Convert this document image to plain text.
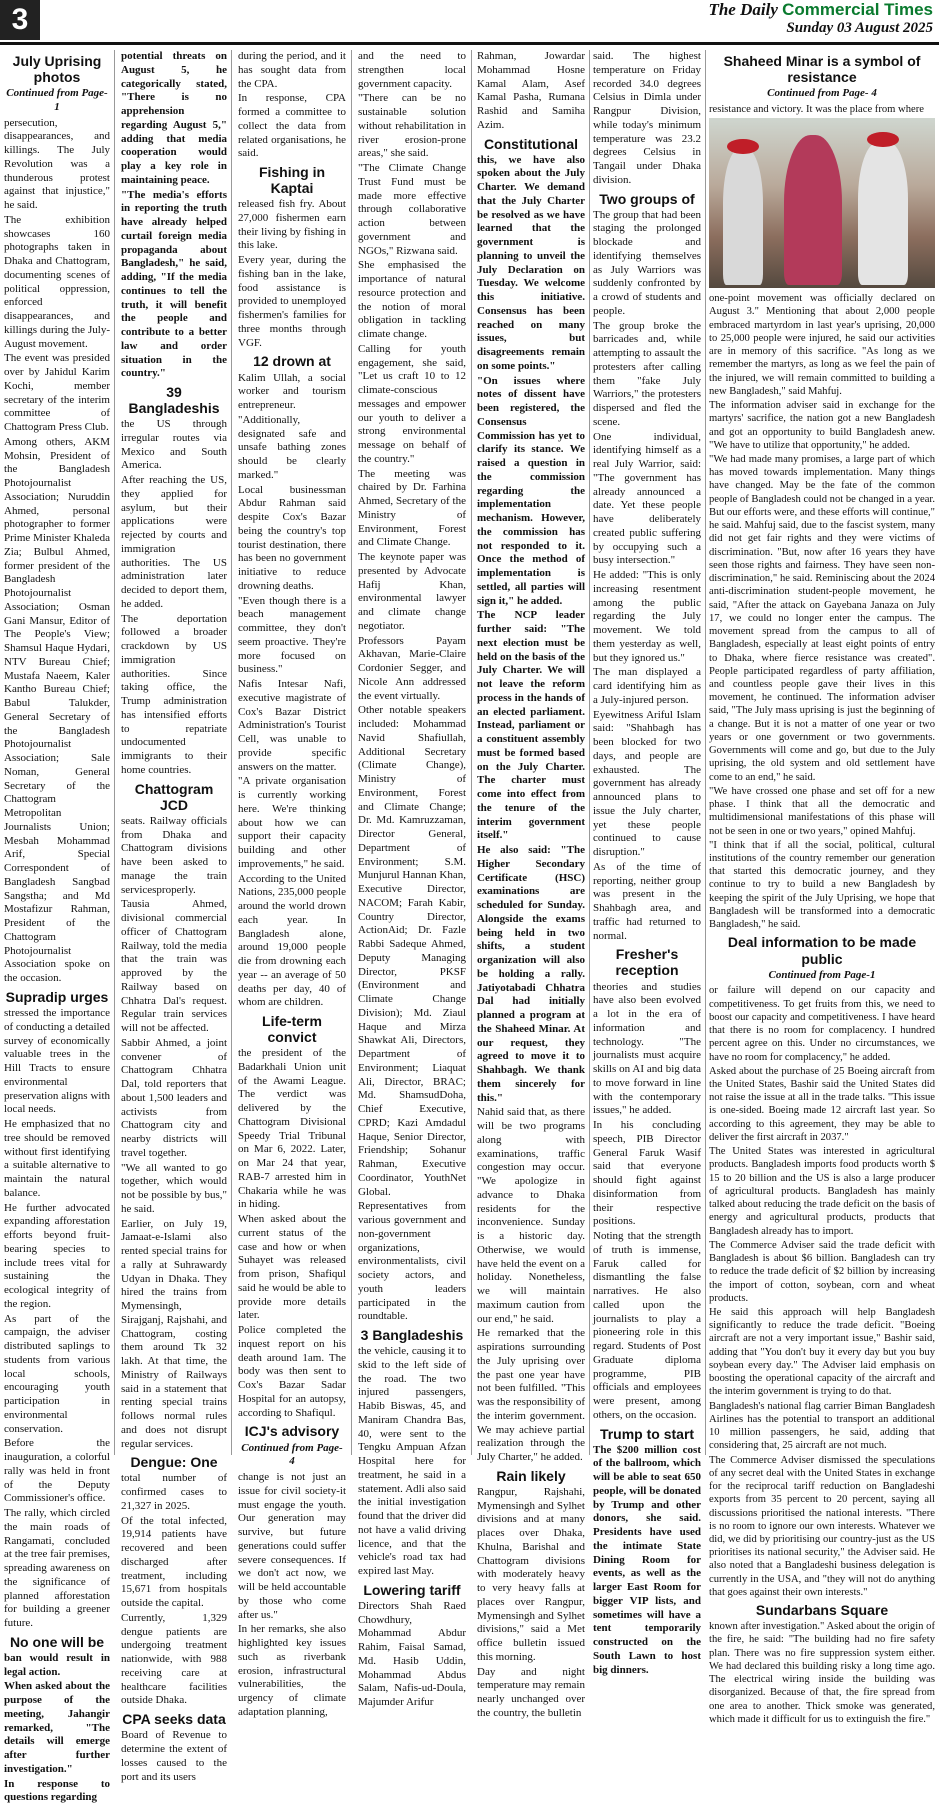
3	The Daily Commercial Times
Sunday 03 August 2025
July Uprising photos

Continued from Page-1

persecution, disappearances, and killings. The July Revolution was a thunderous protest against that injustice," he said.

The exhibition showcases 160 photographs taken in Dhaka and Chattogram, documenting scenes of political oppression, enforced disappearances, and killings during the July-August movement.

The event was presided over by Jahidul Karim Kochi, member secretary of the interim committee of Chattogram Press Club.

Among others, AKM Mohsin, President of the Bangladesh Photojournalist Association; Nuruddin Ahmed, personal photographer to former Prime Minister Khaleda Zia; Bulbul Ahmed, former president of the Bangladesh Photojournalist Association; Osman Gani Mansur, Editor of The People's View; Shamsul Haque Hydari, NTV Bureau Chief; Mustafa Naeem, Kaler Kantho Bureau Chief; Babul Talukder, General Secretary of the Bangladesh Photojournalist Association; Sale Noman, General Secretary of the Chattogram Metropolitan Journalists Union; Mesbah Mohammad Arif, Special Correspondent of Bangladesh Sangbad Sangstha; and Md Mostafizur Rahman, President of the Chattogram Photojournalist Association spoke on the occasion.

Supradip urges

stressed the importance of conducting a detailed survey of economically valuable trees in the Hill Tracts to ensure environmental preservation aligns with local needs.

He emphasized that no tree should be removed without first identifying a suitable alternative to maintain the natural balance.

He further advocated expanding afforestation efforts beyond fruit-bearing species to include trees vital for sustaining the ecological integrity of the region.

As part of the campaign, the adviser distributed saplings to students from various local schools, encouraging youth participation in environmental conservation.

Before the inauguration, a colorful rally was held in front of the Deputy Commissioner's office.

The rally, which circled the main roads of Rangamati, concluded at the tree fair premises, spreading awareness on the significance of planned afforestation for building a greener future.

No one will be

ban would result in legal action.

When asked about the purpose of the meeting, Jahangir remarked, "The details will emerge after further investigation."

In response to questions regarding

potential threats on August 5, he categorically stated, "There is no apprehension regarding August 5," adding that media cooperation would play a key role in maintaining peace.

"The media's efforts in reporting the truth have already helped curtail foreign media propaganda about Bangladesh," he said, adding, "If the media continues to tell the truth, it will benefit the people and contribute to a better law and order situation in the country."

39 Bangladeshis

the US through irregular routes via Mexico and South America.

After reaching the US, they applied for asylum, but their applications were rejected by courts and immigration authorities. The US administration later decided to deport them, he added.

The deportation followed a broader crackdown by US immigration authorities. Since taking office, the Trump administration has intensified efforts to repatriate undocumented immigrants to their home countries.

Chattogram JCD

seats. Railway officials from Dhaka and Chattogram divisions have been asked to manage the train servicesproperly.

Tausia Ahmed, divisional commercial officer of Chattogram Railway, told the media that the train was approved by the Railway based on Chhatra Dal's request. Regular train services will not be affected.

Sabbir Ahmed, a joint convener of Chattogram Chhatra Dal, told reporters that about 1,500 leaders and activists from Chattogram city and nearby districts will travel together.

"We all wanted to go together, which would not be possible by bus," he said.

Earlier, on July 19, Jamaat-e-Islami also rented special trains for a rally at Suhrawardy Udyan in Dhaka. They hired the trains from Mymensingh, Sirajganj, Rajshahi, and Chattogram, costing them around Tk 32 lakh. At that time, the Ministry of Railways said in a statement that renting special trains follows normal rules and does not disrupt regular services.

Dengue: One

total number of confirmed cases to 21,327 in 2025.

Of the total infected, 19,914 patients have recovered and been discharged after treatment, including 15,671 from hospitals outside the capital.

Currently, 1,329 dengue patients are undergoing treatment nationwide, with 988 receiving care at healthcare facilities outside Dhaka.

CPA seeks data

Board of Revenue to determine the extent of losses caused to the port and its users

during the period, and it has sought data from the CPA.

In response, CPA formed a committee to collect the data from related organisations, he said.

Fishing in Kaptai

released fish fry. About 27,000 fishermen earn their living by fishing in this lake.

Every year, during the fishing ban in the lake, food assistance is provided to unemployed fishermen's families for three months through VGF.

12 drown at

Kalim Ullah, a social worker and tourism entrepreneur.

"Additionally, designated safe and unsafe bathing zones should be clearly marked."

Local businessman Abdur Rahman said despite Cox's Bazar being the country's top tourist destination, there has been no government initiative to reduce drowning deaths.

"Even though there is a beach management committee, they don't seem proactive. They're more focused on business."

Nafis Intesar Nafi, executive magistrate of Cox's Bazar District Administration's Tourist Cell, was unable to provide specific answers on the matter.

"A private organisation is currently working here. We're thinking about how we can support their capacity building and other improvements," he said.

According to the United Nations, 235,000 people around the world drown each year. In Bangladesh alone, around 19,000 people die from drowning each year -- an average of 50 deaths per day, 40 of whom are children.

Life-term convict

the president of the Badarkhali Union unit of the Awami League. The verdict was delivered by the Chattogram Divisional Speedy Trial Tribunal on Mar 6, 2022. Later, on Mar 24 that year, RAB-7 arrested him in Chakaria while he was in hiding.

When asked about the current status of the case and how or when Suhayet was released from prison, Shafiqul said he would be able to provide more details later.

Police completed the inquest report on his death around 1am. The body was then sent to Cox's Bazar Sadar Hospital for an autopsy, according to Shafiqul.

ICJ's advisory

Continued from Page- 4

change is not just an issue for civil society-it must engage the youth. Our generation may survive, but future generations could suffer severe consequences. If we don't act now, we will be held accountable by those who come after us."

In her remarks, she also highlighted key issues such as riverbank erosion, infrastructural vulnerabilities, the urgency of climate adaptation planning,

and the need to strengthen local government capacity.

"There can be no sustainable solution without rehabilitation in river erosion-prone areas," she said.

"The Climate Change Trust Fund must be made more effective through collaborative action between government and NGOs," Rizwana said.

She emphasised the importance of natural resource protection and the notion of moral obligation in tackling climate change.

Calling for youth engagement, she said, "Let us craft 10 to 12 climate-conscious messages and empower our youth to deliver a strong environmental message on behalf of the country."

The meeting was chaired by Dr. Farhina Ahmed, Secretary of the Ministry of Environment, Forest and Climate Change.

The keynote paper was presented by Advocate Hafij Khan, environmental lawyer and climate change negotiator.

Professors Payam Akhavan, Marie-Claire Cordonier Segger, and Nicole Ann addressed the event virtually.

Other notable speakers included: Mohammad Navid Shafiullah, Additional Secretary (Climate Change), Ministry of Environment, Forest and Climate Change; Dr. Md. Kamruzzaman, Director General, Department of Environment; S.M. Munjurul Hannan Khan, Executive Director, NACOM; Farah Kabir, Country Director, ActionAid; Dr. Fazle Rabbi Sadeque Ahmed, Deputy Managing Director, PKSF (Environment and Climate Change Division); Md. Ziaul Haque and Mirza Shawkat Ali, Directors, Department of Environment; Liaquat Ali, Director, BRAC; Md. ShamsudDoha, Chief Executive, CPRD; Kazi Amdadul Haque, Senior Director, Friendship; Sohanur Rahman, Executive Coordinator, YouthNet Global.

Representatives from various government and non-government organizations, environmentalists, civil society actors, and youth leaders participated in the roundtable.

3 Bangladeshis

the vehicle, causing it to skid to the left side of the road. The two injured passengers, Habib Biswas, 45, and Maniram Chandra Bas, 40, were sent to the Tengku Ampuan Afzan Hospital here for treatment, he said in a statement. Adli also said the initial investigation found that the driver did not have a valid driving licence, and that the vehicle's road tax had expired last May.

Lowering tariff

Directors Shah Raed Chowdhury, Mohammad Abdur Rahim, Faisal Samad, Md. Hasib Uddin, Mohammad Abdus Salam, Nafis-ud-Doula, Majumder Arifur

Rahman, Jowardar Mohammad Hosne Kamal Alam, Asef Kamal Pasha, Rumana Rashid and Samiha Azim.

Constitutional

this, we have also spoken about the July Charter. We demand that the July Charter be resolved as we have learned that the government is planning to unveil the July Declaration on Tuesday. We welcome this initiative. Consensus has been reached on many issues, but disagreements remain on some points."

"On issues where notes of dissent have been registered, the Consensus Commission has yet to clarify its stance. We raised a question in the commission regarding the implementation mechanism. However, the commission has not responded to it. Once the method of implementation is settled, all parties will sign it," he added.

The NCP leader further said: "The next election must be held on the basis of the July Charter. We will not leave the reform process in the hands of an elected parliament. Instead, parliament or a constituent assembly must be formed based on the July Charter. The charter must come into effect from the tenure of the interim government itself."

He also said: "The Higher Secondary Certificate (HSC) examinations are scheduled for Sunday. Alongside the exams being held in two shifts, a student organization will also be holding a rally. Jatiyotabadi Chhatra Dal had initially planned a program at the Shaheed Minar. At our request, they agreed to move it to Shahbagh. We thank them sincerely for this."

Nahid said that, as there will be two programs along with examinations, traffic congestion may occur. "We apologize in advance to Dhaka residents for the inconvenience. Sunday is a historic day. Otherwise, we would have held the event on a holiday. Nonetheless, we will maintain maximum caution from our end," he said.

He remarked that the aspirations surrounding the July uprising over the past one year have not been fulfilled. "This was the responsibility of the interim government. We may achieve partial realization through the July Charter," he added.

Rain likely

Rangpur, Rajshahi, Mymensingh and Sylhet divisions and at many places over Dhaka, Khulna, Barishal and Chattogram divisions with moderately heavy to very heavy falls at places over Rangpur, Mymensingh and Sylhet divisions," said a Met office bulletin issued this morning.

Day and night temperature may remain nearly unchanged over the country, the bulletin

said. The highest temperature on Friday recorded 34.0 degrees Celsius in Dimla under Rangpur Division, while today's minimum temperature was 23.2 degrees Celsius in Tangail under Dhaka division.

Two groups of

The group that had been staging the prolonged blockade and identifying themselves as July Warriors was suddenly confronted by a crowd of students and people.

The group broke the barricades and, while attempting to assault the protesters after calling them "fake July Warriors," the protesters dispersed and fled the scene.

One individual, identifying himself as a real July Warrior, said: "The government has already announced a date. Yet these people have deliberately created public suffering by occupying such a busy intersection."

He added: "This is only increasing resentment among the public regarding the July movement. We told them yesterday as well, but they ignored us."

The man displayed a card identifying him as a July-injured person.

Eyewitness Ariful Islam said: "Shahbagh has been blocked for two days, and people are exhausted. The government has already announced plans to issue the July charter, yet these people continued to cause disruption."

As of the time of reporting, neither group was present in the Shahbagh area, and traffic had returned to normal.

Fresher's reception

theories and studies have also been evolved a lot in the era of information and technology. "The journalists must acquire skills on AI and big data to move forward in line with the contemporary issues," he added.

In his concluding speech, PIB Director General Faruk Wasif said that everyone should fight against disinformation from their respective positions.

Noting that the strength of truth is immense, Faruk called for dismantling the false narratives. He also called upon the journalists to play a pioneering role in this regard. Students of Post Graduate diploma programme, PIB officials and employees were present, among others, on the occasion.

Trump to start

The $200 million cost of the ballroom, which will be able to seat 650 people, will be donated by Trump and other donors, she said. Presidents have used the intimate State Dining Room for events, as well as the larger East Room for bigger VIP lists, and sometimes will have a tent temporarily constructed on the South Lawn to host big dinners.

Shaheed Minar is a symbol of resistance

Continued from Page- 4

resistance and victory. It was the place from where

one-point movement was officially declared on August 3." Mentioning that about 2,000 people embraced martyrdom in last year's uprising, 20,000 to 25,000 people were injured, he said our activities are in memory of this sacrifice. "As long as we remember the martyrs, as long as we feel the pain of the injured, we will remain committed to building a new Bangladesh," said Mahfuj.

The information adviser said in exchange for the martyrs' sacrifice, the nation got a new Bangladesh and got an opportunity to build Bangladesh anew. "We have to utilize that opportunity," he added.

"We had made many promises, a large part of which has moved towards implementation. Many things have changed. May be the fate of the common people of Bangladesh could not be changed in a year. But our efforts were, and these efforts will continue," he said. Mahfuj said, due to the fascist system, many did not get fair rights and they were victims of discrimination. "But, now after 16 years they have seen those rights and fairness. They have seen non-discrimination," he said. Reminiscing about the 2024 anti-discrimination student-people movement, he said, "After the attack on Gayebana Janaza on July 17, we could no longer enter the campus. The movement spread from the campus to all of Bangladesh, especially at least eight points of entry to Dhaka, where fierce resistance was created". People participated regardless of party affiliation, and countless people gave their lives in this movement, he continued. The information adviser said, "The July mass uprising is just the beginning of a change. But it is not a matter of one year or two years or one government or two governments. Governments will come and go, but due to the July uprising, the old system and old settlement have come to an end," he said.

"We have crossed one phase and set off for a new phase. I think that all the democratic and multidimensional manifestations of this phase will not be seen in one or two years," opined Mahfuj.

"I think that if all the social, political, cultural institutions of the country remember our generation that started this democratic journey, and they continue to try to build a new Bangladesh by keeping the spirit of the July Uprising, we hope that Bangladesh will be transformed into a democratic Bangladesh," he said.

Deal information to be made public

Continued from Page-1

or failure will depend on our capacity and competitiveness. To get fruits from this, we need to boost our capacity and competitiveness. I have heard that there is no room for complacency. I hundred percent agree on this. Under no circumstances, we have no room for complacency," he added.

Asked about the purchase of 25 Boeing aircraft from the United States, Bashir said the United States did not raise the issue at all in the trade talks. "This issue is one-sided. Boeing made 12 aircraft last year. So according to this agreement, they may be able to deliver the first aircraft in 2037."

The United States was interested in agricultural products. Bangladesh imports food products worth $ 15 to 20 billion and the US is also a large producer of agricultural products. Bangladesh has mainly talked about reducing the trade deficit on the basis of energy and agricultural products, products that Bangladesh already has to import.

The Commerce Adviser said the trade deficit with Bangladesh is about $6 billion. Bangladesh can try to reduce the trade deficit of $2 billion by increasing the import of cotton, soybean, corn and wheat products.

He said this approach will help Bangladesh significantly to reduce the trade deficit. "Boeing aircraft are not a very important issue," Bashir said, adding that "You don't buy it every day but you buy soybean every day." The Adviser laid emphasis on boosting the operational capacity of the aircraft and the interim government is trying to do that.

Bangladesh's national flag carrier Biman Bangladesh Airlines has the potential to transport an additional 10 million passengers, he said, adding that considering that, 25 aircraft are not much.

The Commerce Adviser dismissed the speculations of any secret deal with the United States in exchange for the reciprocal tariff reduction on Bangladeshi exports from 35 percent to 20 percent, saying all discussions prioritised the national interests. "There is no room to ignore our own interests. Whatever we did, we did by prioritising our country-just as the US prioritises its national security," the Adviser said. He also noted that a Bangladeshi business delegation is currently in the USA, and "they will not do anything that goes against their own interests."

Sundarbans Square

known after investigation." Asked about the origin of the fire, he said: "The building had no fire safety plan. There was no fire suppression system either. We had declared this building risky a long time ago. The electrical wiring inside the building was disorganized. Because of that, the fire spread from one area to another. Thick smoke was generated, which made it difficult for us to extinguish the fire."
